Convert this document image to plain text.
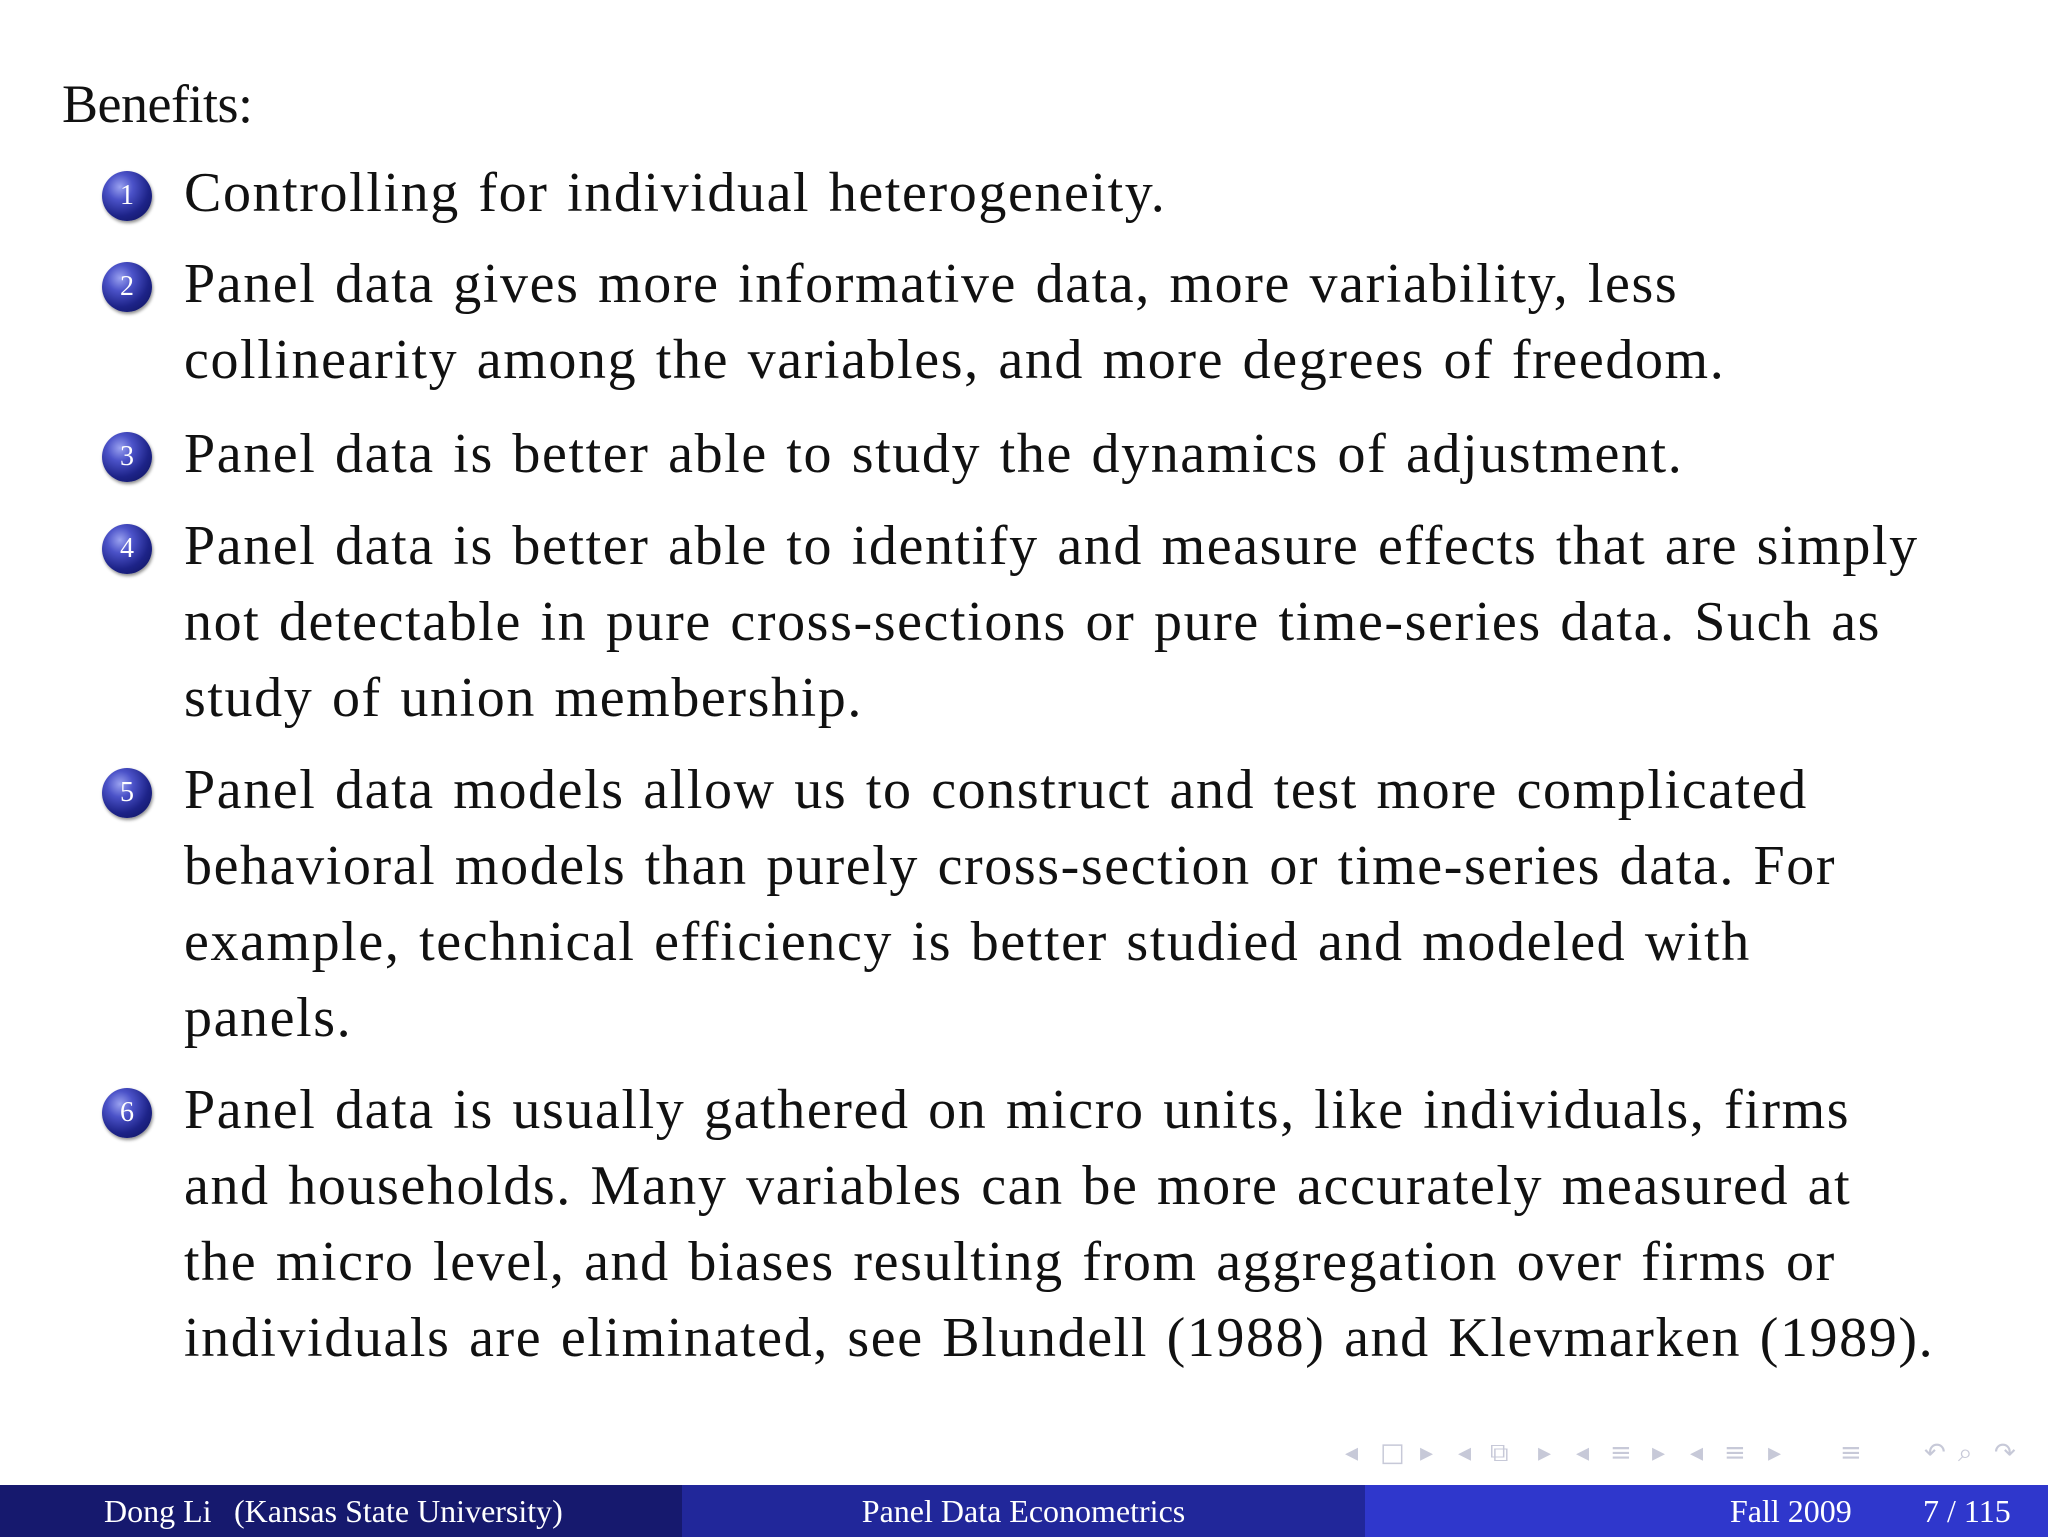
Benefits:
1 Controlling for individual heterogeneity.
2 Panel data gives more informative data, more variability, less
collinearity among the variables, and more degrees of freedom.
3 Panel data is better able to study the dynamics of adjustment.
4 Panel data is better able to identify and measure effects that are simply
not detectable in pure cross-sections or pure time-series data. Such as
study of union membership.
5 Panel data models allow us to construct and test more complicated
behavioral models than purely cross-section or time-series data. For
example, technical efficiency is better studied and modeled with
panels.
6 Panel data is usually gathered on micro units, like individuals, firms
and households. Many variables can be more accurately measured at
the micro level, and biases resulting from aggregation over firms or
individuals are eliminated, see Blundell (1988) and Klevmarken (1989).
◂ □ ▸ ◂ ⧉ ▸ ◂ ≡ ▸ ◂ ≡ ▸ ≡ ↶ ⌕ ↷
Dong Li (Kansas State University)	Panel Data Econometrics	Fall 2009 7 / 115
